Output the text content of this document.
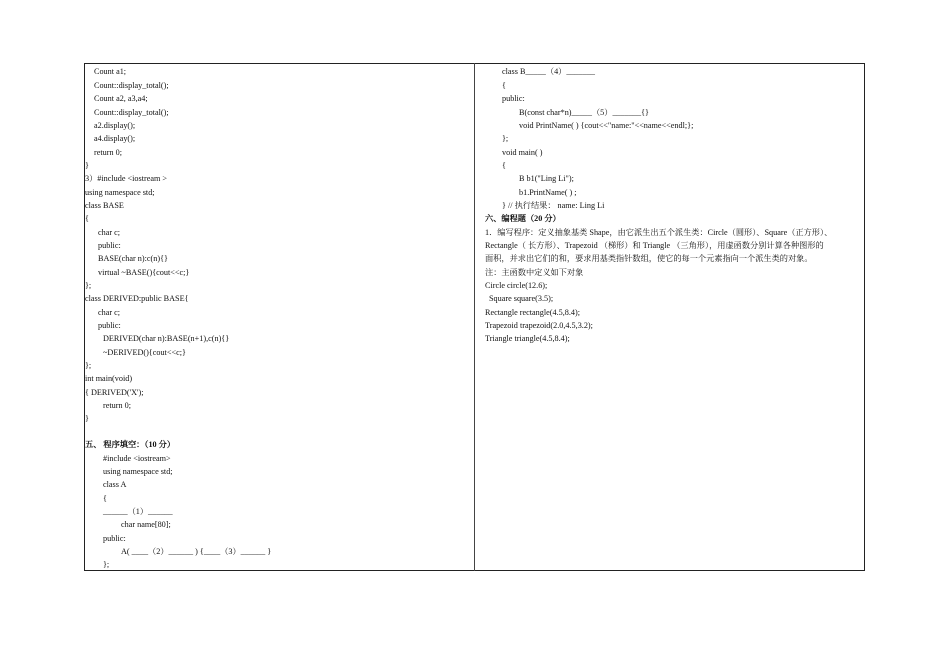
Count a1;
Count::display_total();
Count a2, a3,a4;
Count::display_total();
a2.display();
a4.display();
return 0;
}
3）#include <iostream >
using namespace std;
class BASE
{
char c;
public:
BASE(char n):c(n){}
virtual ~BASE(){cout<<c;}
};
class DERIVED:public BASE{
char c;
public:
DERIVED(char n):BASE(n+1),c(n){}
~DERIVED(){cout<<c;}
};
int main(void)
{ DERIVED('X');
return 0;
}
五、 程序填空：（10 分）
#include <iostream>
using namespace std;
class A
{
______（1）______
char name[80];
public:
A( ____（2）______ ) {____（3）______ }
};
class B_____（4）_______
{
public:
B(const char*n)_____（5）_______{}
void PrintName( ) {cout<<"name:"<<name<<endl;};
};
void main( )
{
B b1("Ling Li");
b1.PrintName( ) ;
} // 执行结果： name: Ling Li
六、编程题（20 分）
1．编写程序：定义抽象基类 Shape，由它派生出五个派生类：Circle（圆形）、Square（正方形）、
Rectangle（ 长方形）、Trapezoid （梯形）和 Triangle （三角形），用虚函数分别计算各种图形的
面积，并求出它们的和，要求用基类指针数组，使它的每一个元素指向一个派生类的对象。
注：主函数中定义如下对象
Circle circle(12.6);
Square square(3.5);
Rectangle rectangle(4.5,8.4);
Trapezoid trapezoid(2.0,4.5,3.2);
Triangle triangle(4.5,8.4);
